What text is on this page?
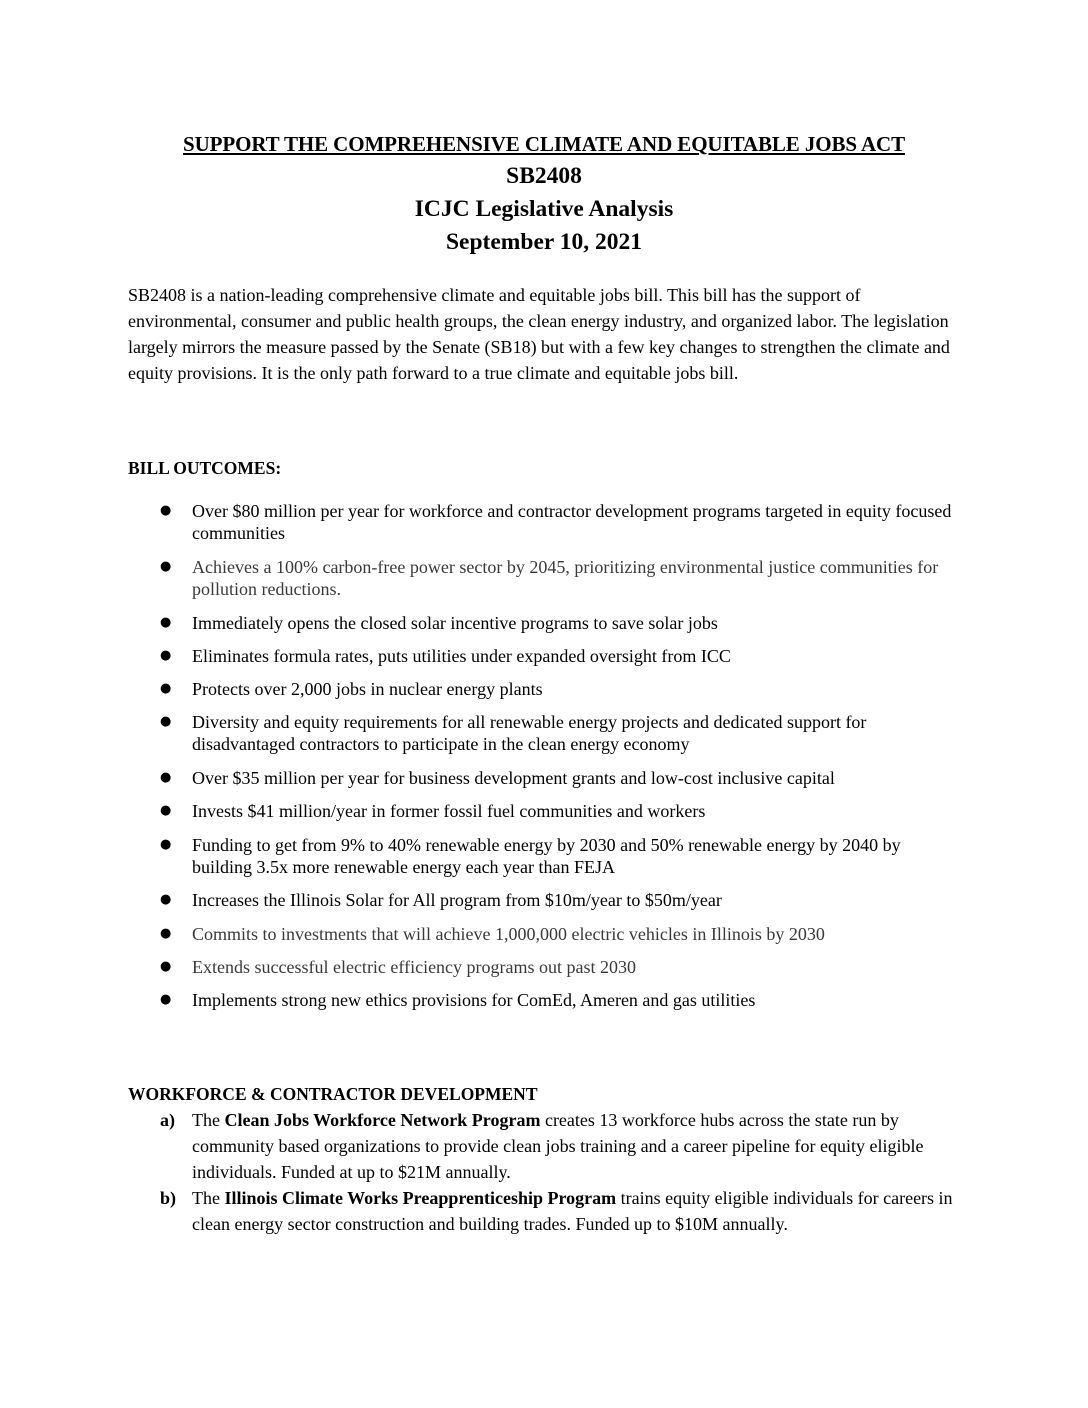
SUPPORT THE COMPREHENSIVE CLIMATE AND EQUITABLE JOBS ACT
SB2408
ICJC Legislative Analysis
September 10, 2021

SB2408 is a nation-leading comprehensive climate and equitable jobs bill. This bill has the support of environmental, consumer and public health groups, the clean energy industry, and organized labor. The legislation largely mirrors the measure passed by the Senate (SB18) but with a few key changes to strengthen the climate and equity provisions. It is the only path forward to a true climate and equitable jobs bill.

BILL OUTCOMES:
●	Over $80 million per year for workforce and contractor development programs targeted in equity focused communities
●	Achieves a 100% carbon-free power sector by 2045, prioritizing environmental justice communities for pollution reductions.
●	Immediately opens the closed solar incentive programs to save solar jobs
●	Eliminates formula rates, puts utilities under expanded oversight from ICC
●	Protects over 2,000 jobs in nuclear energy plants
●	Diversity and equity requirements for all renewable energy projects and dedicated support for disadvantaged contractors to participate in the clean energy economy
●	Over $35 million per year for business development grants and low-cost inclusive capital
●	Invests $41 million/year in former fossil fuel communities and workers
●	Funding to get from 9% to 40% renewable energy by 2030 and 50% renewable energy by 2040 by building 3.5x more renewable energy each year than FEJA
●	Increases the Illinois Solar for All program from $10m/year to $50m/year
●	Commits to investments that will achieve 1,000,000 electric vehicles in Illinois by 2030
●	Extends successful electric efficiency programs out past 2030
●	Implements strong new ethics provisions for ComEd, Ameren and gas utilities
WORKFORCE & CONTRACTOR DEVELOPMENT
a) The Clean Jobs Workforce Network Program creates 13 workforce hubs across the state run by community based organizations to provide clean jobs training and a career pipeline for equity eligible individuals. Funded at up to $21M annually.
b) The Illinois Climate Works Preapprenticeship Program trains equity eligible individuals for careers in clean energy sector construction and building trades. Funded up to $10M annually.
